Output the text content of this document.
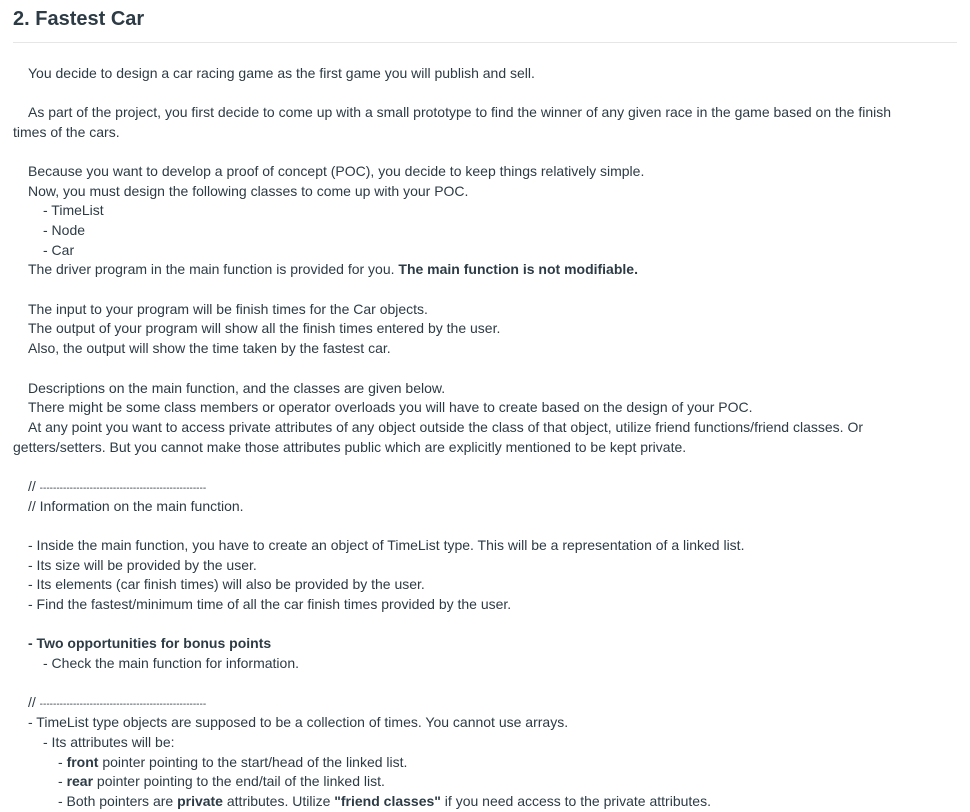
2. Fastest Car
You decide to design a car racing game as the first game you will publish and sell.
As part of the project, you first decide to come up with a small prototype to find the winner of any given race in the game based on the finish
times of the cars.
Because you want to develop a proof of concept (POC), you decide to keep things relatively simple.
Now, you must design the following classes to come up with your POC.
- TimeList
- Node
- Car
The driver program in the main function is provided for you. The main function is not modifiable.
The input to your program will be finish times for the Car objects.
The output of your program will show all the finish times entered by the user.
Also, the output will show the time taken by the fastest car.
Descriptions on the main function, and the classes are given below.
There might be some class members or operator overloads you will have to create based on the design of your POC.
At any point you want to access private attributes of any object outside the class of that object, utilize friend functions/friend classes. Or
getters/setters. But you cannot make those attributes public which are explicitly mentioned to be kept private.
// --------------------------------------------------
// Information on the main function.
- Inside the main function, you have to create an object of TimeList type. This will be a representation of a linked list.
- Its size will be provided by the user.
- Its elements (car finish times) will also be provided by the user.
- Find the fastest/minimum time of all the car finish times provided by the user.
- Two opportunities for bonus points
- Check the main function for information.
// --------------------------------------------------
- TimeList type objects are supposed to be a collection of times. You cannot use arrays.
- Its attributes will be:
- front pointer pointing to the start/head of the linked list.
- rear pointer pointing to the end/tail of the linked list.
- Both pointers are private attributes. Utilize "friend classes" if you need access to the private attributes.
